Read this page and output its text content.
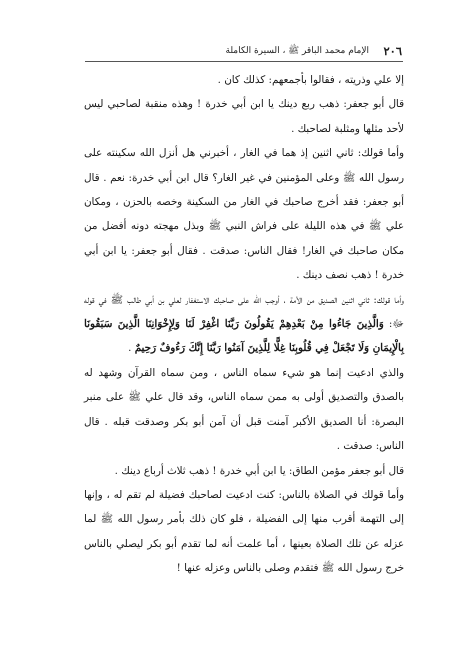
٢٠٦
الإمام محمد الباقر ﷺ ، السيرة الكاملة

إلا علي وذريته ، فقالوا بأجمعهم: كذلك كان .

قال أبو جعفر: ذهب ربع دينك يا ابن أبي خدرة ! وهذه منقبة لصاحبي ليس لأحد مثلها ومثلبة لصاحبك .

وأما قولك: ثاني اثنين إذ هما في الغار ، أخبرني هل أنزل الله سكينته على رسول الله ﷺ وعلى المؤمنين في غير الغار؟ قال ابن أبي خدرة: نعم . قال أبو جعفر: فقد أخرج صاحبك في الغار من السكينة وخصه بالحزن ، ومكان علي ﷺ في هذه الليلة على فراش النبي ﷺ وبذل مهجته دونه أفضل من مكان صاحبك في الغار! فقال الناس: صدقت . فقال أبو جعفر: يا ابن أبي خدرة ! ذهب نصف دينك .

وأما قولك: ثاني اثنين الصديق من الأمة ، أوجب الله على صاحبك الاستغفار لعلي بن أبي طالب ﷺ في قوله ﷻ: وَالَّذِينَ جَاءُوا مِنْ بَعْدِهِمْ يَقُولُونَ رَبَّنَا اغْفِرْ لَنَا وَلِإِخْوَانِنَا الَّذِينَ سَبَقُونَا بِالْإِيمَانِ وَلَا تَجْعَلْ فِي قُلُوبِنَا غِلًّا لِلَّذِينَ آمَنُوا رَبَّنَا إِنَّكَ رَءُوفٌ رَحِيمٌ .

والذي ادعيت إنما هو شيء سماه الناس ، ومن سماه القرآن وشهد له بالصدق والتصديق أولى به ممن سماه الناس، وقد قال علي ﷺ على منبر البصرة: أنا الصديق الأكبر آمنت قبل أن آمن أبو بكر وصدقت قبله . قال الناس: صدقت .

قال أبو جعفر مؤمن الطاق: يا ابن أبي خدرة ! ذهب ثلاث أرباع دينك .

وأما قولك في الصلاة بالناس: كنت ادعيت لصاحبك فضيلة لم تقم له ، وإنها إلى التهمة أقرب منها إلى الفضيلة ، فلو كان ذلك بأمر رسول الله ﷺ لما عزله عن تلك الصلاة بعينها ، أما علمت أنه لما تقدم أبو بكر ليصلي بالناس خرج رسول الله ﷺ فتقدم وصلى بالناس وعزله عنها !
